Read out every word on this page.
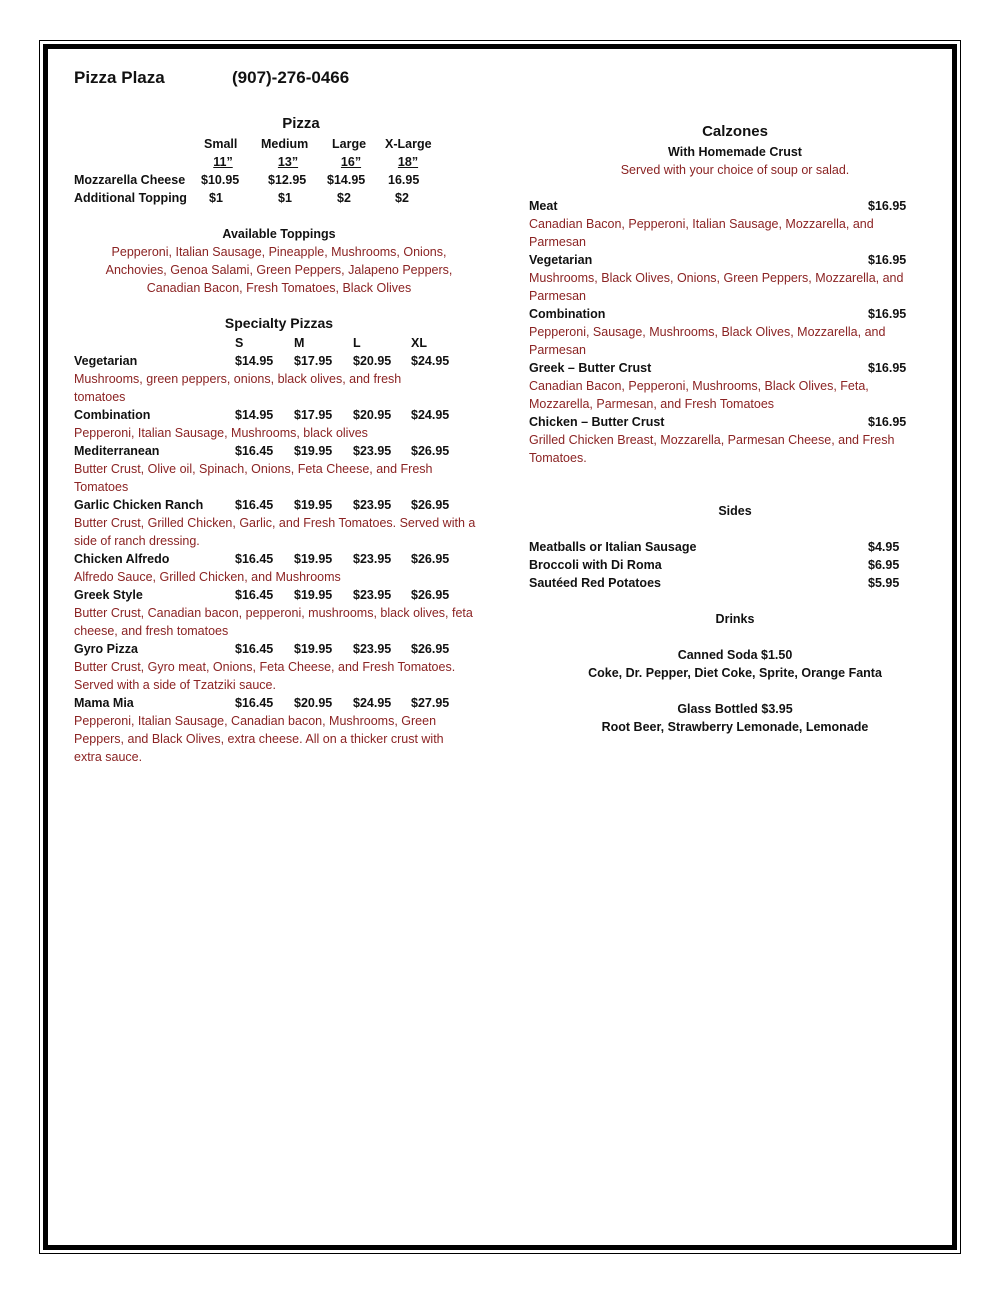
Pizza Plaza	(907)-276-0466
Pizza
Small Medium Large X-Large
11”	13”	16”	18”
Mozzarella Cheese $10.95 $12.95 $14.95 16.95
Additional Topping $1	$1	$2	$2
Available Toppings
Pepperoni, Italian Sausage, Pineapple, Mushrooms, Onions,
Anchovies, Genoa Salami, Green Peppers, Jalapeno Peppers,
Canadian Bacon, Fresh Tomatoes, Black Olives
Specialty Pizzas
S	M	L	XL
Vegetarian	$14.95 $17.95 $20.95 $24.95
Mushrooms, green peppers, onions, black olives, and fresh tomatoes
Combination	$14.95 $17.95 $20.95 $24.95
Pepperoni, Italian Sausage, Mushrooms, black olives
Mediterranean	$16.45 $19.95 $23.95 $26.95
Butter Crust, Olive oil, Spinach, Onions, Feta Cheese, and Fresh Tomatoes
Garlic Chicken Ranch	$16.45 $19.95 $23.95 $26.95
Butter Crust, Grilled Chicken, Garlic, and Fresh Tomatoes. Served with a side of ranch dressing.
Chicken Alfredo	$16.45 $19.95 $23.95 $26.95
Alfredo Sauce, Grilled Chicken, and Mushrooms
Greek Style	$16.45 $19.95 $23.95 $26.95
Butter Crust, Canadian bacon, pepperoni, mushrooms, black olives, feta cheese, and fresh tomatoes
Gyro Pizza	$16.45 $19.95 $23.95 $26.95
Butter Crust, Gyro meat, Onions, Feta Cheese, and Fresh Tomatoes. Served with a side of Tzatziki sauce.
Mama Mia	$16.45 $20.95 $24.95 $27.95
Pepperoni, Italian Sausage, Canadian bacon, Mushrooms, Green Peppers, and Black Olives, extra cheese. All on a thicker crust with extra sauce.
Calzones
With Homemade Crust
Served with your choice of soup or salad.
Meat	$16.95
Canadian Bacon, Pepperoni, Italian Sausage, Mozzarella, and Parmesan
Vegetarian	$16.95
Mushrooms, Black Olives, Onions, Green Peppers, Mozzarella, and Parmesan
Combination	$16.95
Pepperoni, Sausage, Mushrooms, Black Olives, Mozzarella, and Parmesan
Greek – Butter Crust	$16.95
Canadian Bacon, Pepperoni, Mushrooms, Black Olives, Feta, Mozzarella, Parmesan, and Fresh Tomatoes
Chicken – Butter Crust	$16.95
Grilled Chicken Breast, Mozzarella, Parmesan Cheese, and Fresh Tomatoes.
Sides
Meatballs or Italian Sausage	$4.95
Broccoli with Di Roma	$6.95
Sautéed Red Potatoes	$5.95
Drinks
Canned Soda $1.50
Coke, Dr. Pepper, Diet Coke, Sprite, Orange Fanta
Glass Bottled $3.95
Root Beer, Strawberry Lemonade, Lemonade
